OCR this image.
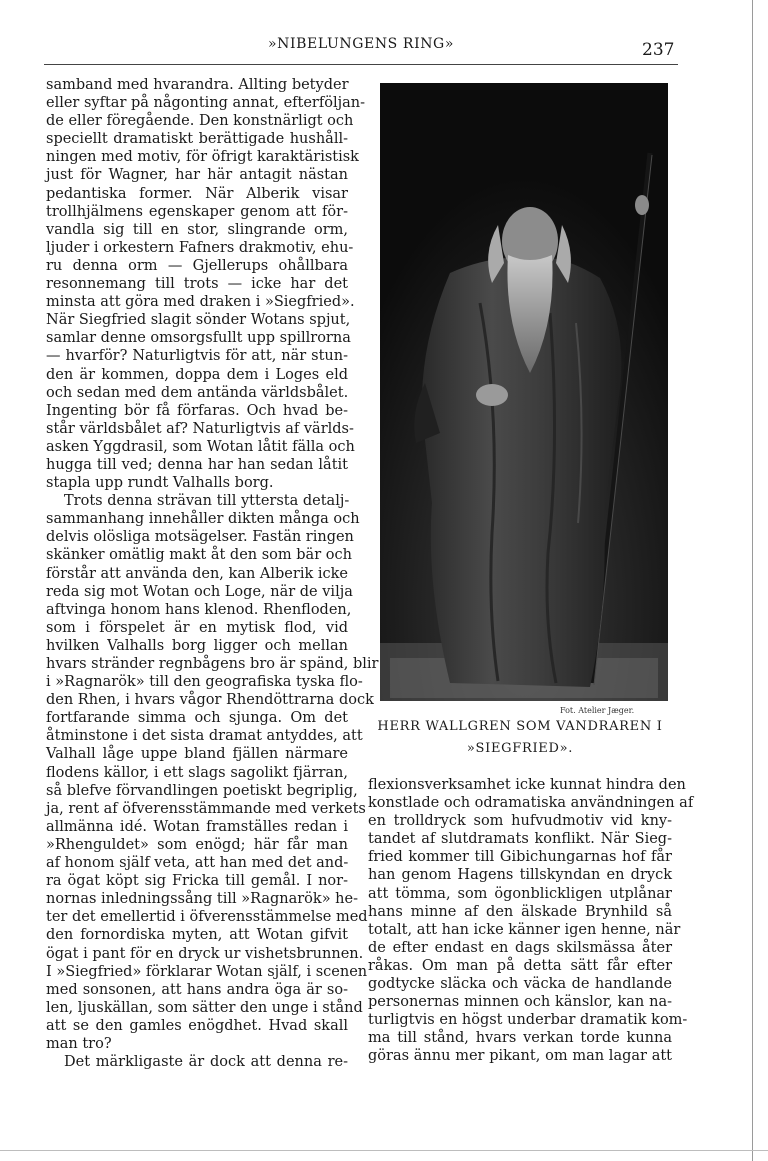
»NIBELUNGENS RING»	237
samband med hvarandra. Allting betyder
eller syftar på någonting annat, efterföljan-
de eller föregående. Den konstnärligt och
speciellt dramatiskt berättigade hushåll-
ningen med motiv, för öfrigt karaktäristisk
just för Wagner, har här antagit nästan
pedantiska former. När Alberik visar
trollhjälmens egenskaper genom att för-
vandla sig till en stor, slingrande orm,
ljuder i orkestern Fafners drakmotiv, ehu-
ru denna orm — Gjellerups ohållbara
resonnemang till trots — icke har det
minsta att göra med draken i »Siegfried».
När Siegfried slagit sönder Wotans spjut,
samlar denne omsorgsfullt upp spillrorna
— hvarför? Naturligtvis för att, när stun-
den är kommen, doppa dem i Loges eld
och sedan med dem antända världsbålet.
Ingenting bör få förfaras. Och hvad be-
står världsbålet af? Naturligtvis af världs-
asken Yggdrasil, som Wotan låtit fälla och
hugga till ved; denna har han sedan låtit
stapla upp rundt Valhalls borg.
Trots denna strävan till yttersta detalj-
sammanhang innehåller dikten många och
delvis olösliga motsägelser. Fastän ringen
skänker omätlig makt åt den som bär och
förstår att använda den, kan Alberik icke
reda sig mot Wotan och Loge, när de vilja
aftvinga honom hans klenod. Rhenfloden,
som i förspelet är en mytisk flod, vid
hvilken Valhalls borg ligger och mellan
hvars stränder regnbågens bro är spänd, blir
i »Ragnarök» till den geografiska tyska flo-
den Rhen, i hvars vågor Rhendöttrarna dock
fortfarande simma och sjunga. Om det
åtminstone i det sista dramat antyddes, att
Valhall låge uppe bland fjällen närmare
flodens källor, i ett slags sagolikt fjärran,
så blefve förvandlingen poetiskt begriplig,
ja, rent af öfverensstämmande med verkets
allmänna idé. Wotan framställes redan i
»Rhenguldet» som enögd; här får man
af honom själf veta, att han med det and-
ra ögat köpt sig Fricka till gemål. I nor-
nornas inledningssång till »Ragnarök» he-
ter det emellertid i öfverensstämmelse med
den fornordiska myten, att Wotan gifvit
ögat i pant för en dryck ur vishetsbrunnen.
I »Siegfried» förklarar Wotan själf, i scenen
med sonsonen, att hans andra öga är so-
len, ljuskällan, som sätter den unge i stånd
att se den gamles enögdhet. Hvad skall
man tro?
Det märkligaste är dock att denna re-
Fot. Atelier Jæger.
HERR WALLGREN SOM VANDRAREN I
»SIEGFRIED».
flexionsverksamhet icke kunnat hindra den
konstlade och odramatiska användningen af
en trolldryck som hufvudmotiv vid kny-
tandet af slutdramats konflikt. När Sieg-
fried kommer till Gibichungarnas hof får
han genom Hagens tillskyndan en dryck
att tömma, som ögonblickligen utplånar
hans minne af den älskade Brynhild så
totalt, att han icke känner igen henne, när
de efter endast en dags skilsmässa åter
råkas. Om man på detta sätt får efter
godtycke släcka och väcka de handlande
personernas minnen och känslor, kan na-
turligtvis en högst underbar dramatik kom-
ma till stånd, hvars verkan torde kunna
göras ännu mer pikant, om man lagar att
